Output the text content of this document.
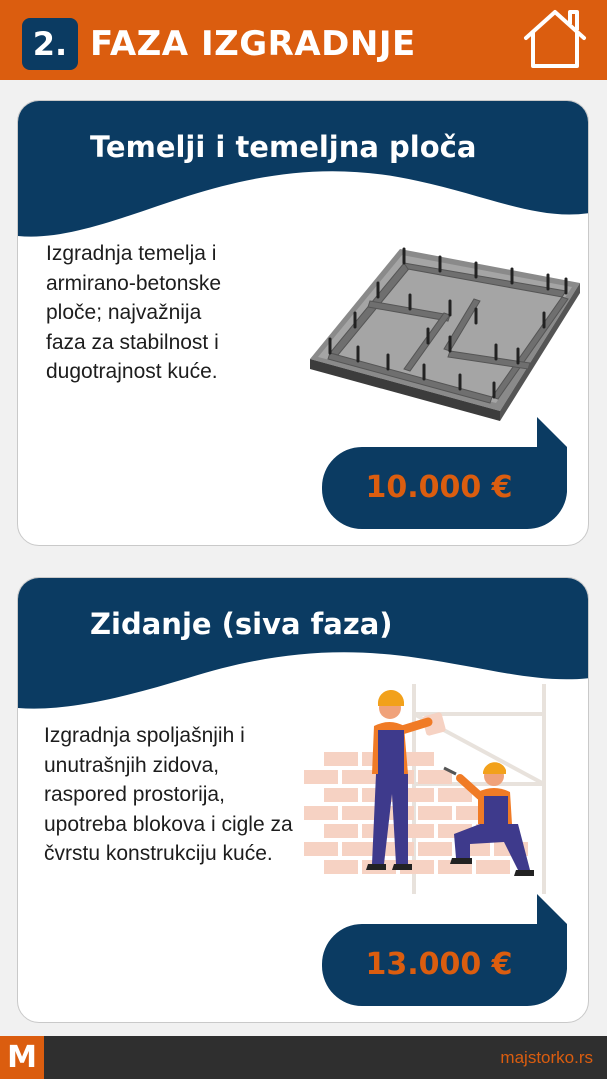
2. FAZA IZGRADNJE
Temelji i temeljna ploča
Izgradnja temelja i armirano-betonske ploče; najvažnija faza za stabilnost i dugotrajnost kuće.
10.000 €
Zidanje (siva faza)
Izgradnja spoljašnjih i unutrašnjih zidova, raspored prostorija, upotreba blokova i cigle za čvrstu konstrukciju kuće.
13.000 €
M	majstorko.rs
